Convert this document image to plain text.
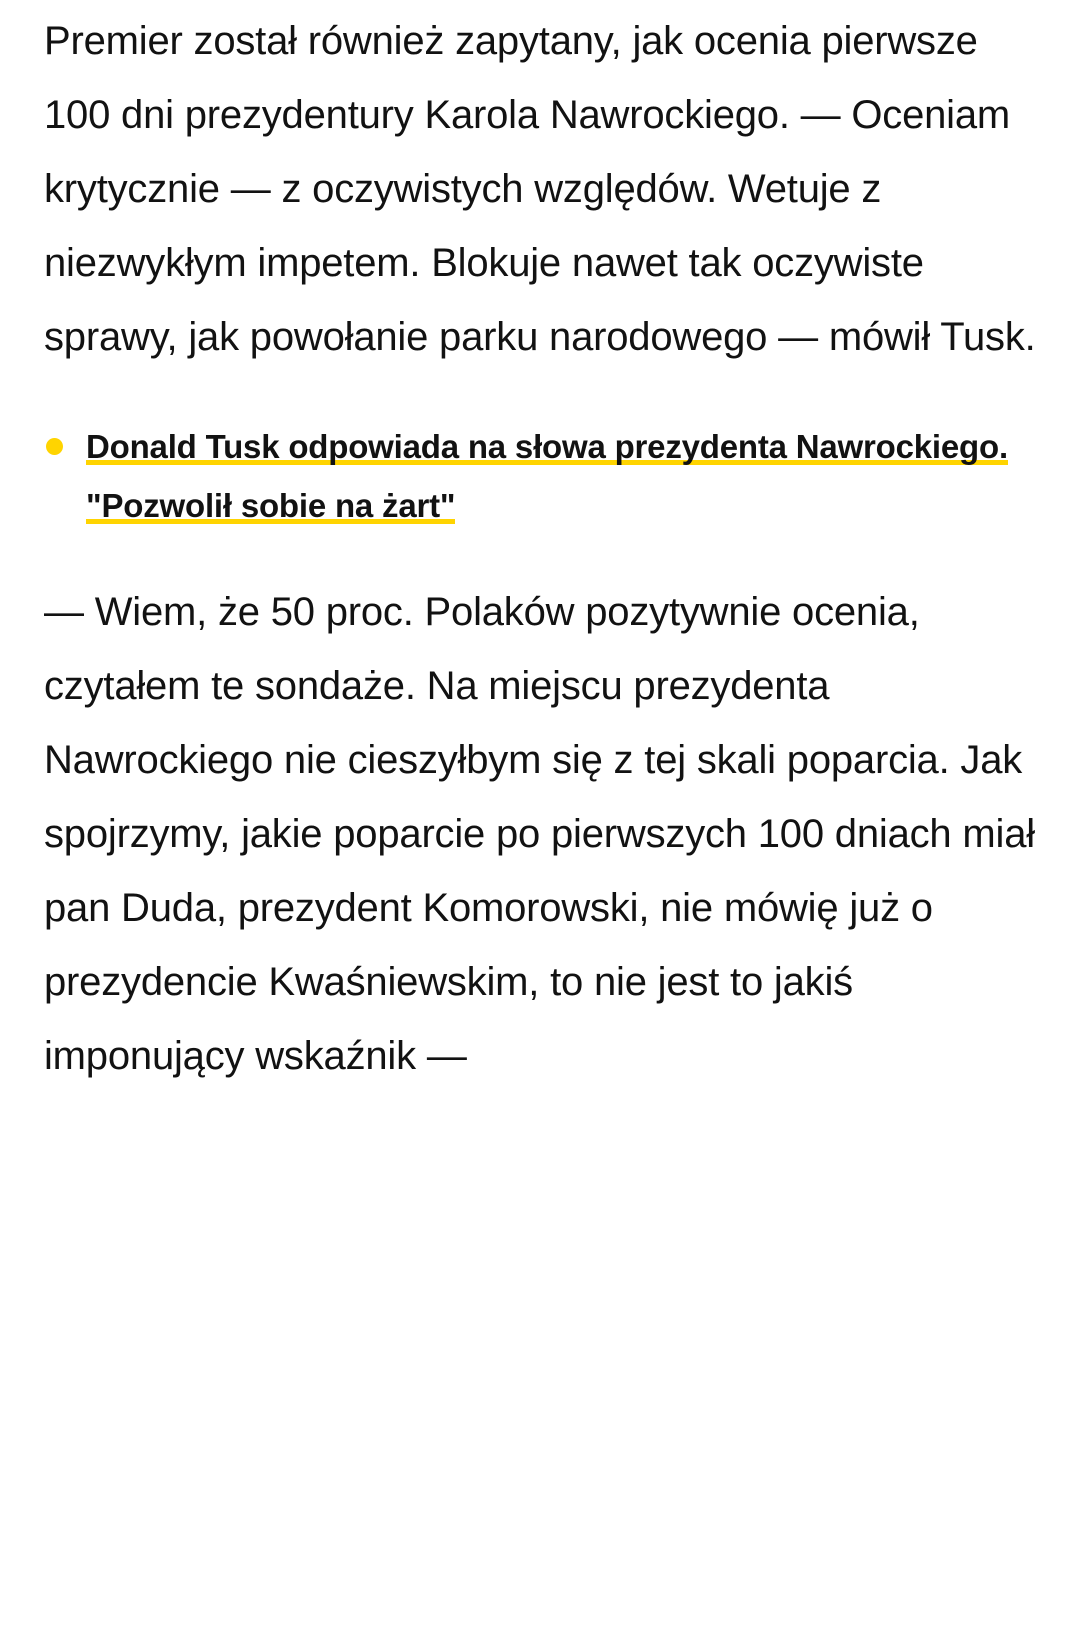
Premier został również zapytany, jak ocenia pierwsze 100 dni prezydentury Karola Nawrockiego. — Oceniam krytycznie — z oczywistych względów. Wetuje z niezwykłym impetem. Blokuje nawet tak oczywiste sprawy, jak powołanie parku narodowego — mówił Tusk.

Donald Tusk odpowiada na słowa prezydenta Nawrockiego. "Pozwolił sobie na żart"

— Wiem, że 50 proc. Polaków pozytywnie ocenia, czytałem te sondaże. Na miejscu prezydenta Nawrockiego nie cieszyłbym się z tej skali poparcia. Jak spojrzymy, jakie poparcie po pierwszych 100 dniach miał pan Duda, prezydent Komorowski, nie mówię już o prezydencie Kwaśniewskim, to nie jest to jakiś imponujący wskaźnik —
